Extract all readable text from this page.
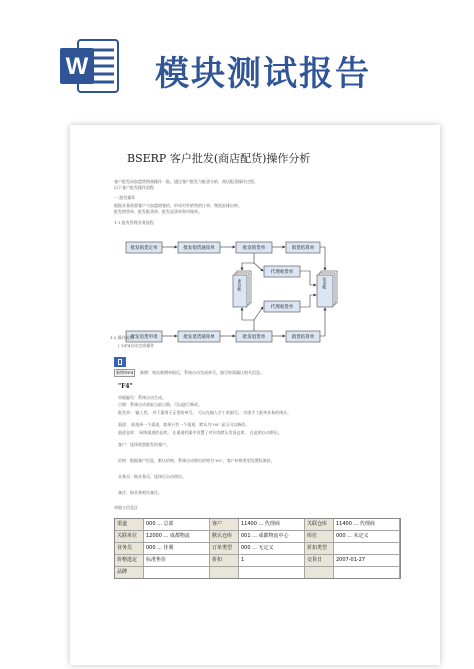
W 模块测试报告
BSERP 客户批发(商店配货)操作分析
客户批发向加盟营销商操作一批。通过客户批发与配货分析，商店配货操作过程。
以下客户批发操作流程
一.批发操作
根据业务需要客户与加盟商签约，形成对外销售的订单，物流安排出库。
批发销售单，批发配货单，批发退货单和对账单。
1-1.批发管理业务流程
批发销货定单	批发销货通知单	批发销货单	销货结算单
库存帐
代理收货单
代理收货单
往来帐
批发退货申请	批发退货通知单	批发退货单	销货结算单
1-2.操作说明
( 1)F4自动完成操作
新增单F4	新增：每次新增单据后，系统自动完成单号，填写时需确认相关信息。
"F4"
单据编号：系统自动生成。
日期：系统自动获取当前日期，可以进行修改。
批发单： 输入者。 对于需用于正常的单号。 可以在输入手工单据号。 实现手工批单业务的统计。
渠道： 前选择一个渠道，如果只有一个渠道，默认为"00" 显示可以修改。
渠道仓库： 网络渠道的仓库。 在渠道档案中设置了对应的默认发货仓库。 在此则自动带出。
客户：选择需要批发的客户。
价格：根据客户信息，默认价格，系统自动带出价格为"00"，客户价格类型设置标准价。
业务员：指业务员，选择后自动带出。
备注：指业务相关备注。
单据主信息区
渠道	000 ... 总部	客户	11400 ... 代理商	关联仓库	11400 ... 代理商
关联单位	12000 ... 成都物流	默认仓库	001 ... 成都物流中心	库位	000 ... 未定义
业务员	000 ... 佳翼	订单类型	000 ... 无定义	折扣类型
价格选定	标准售价	折扣	1	交货日	2007-01-27
品牌
